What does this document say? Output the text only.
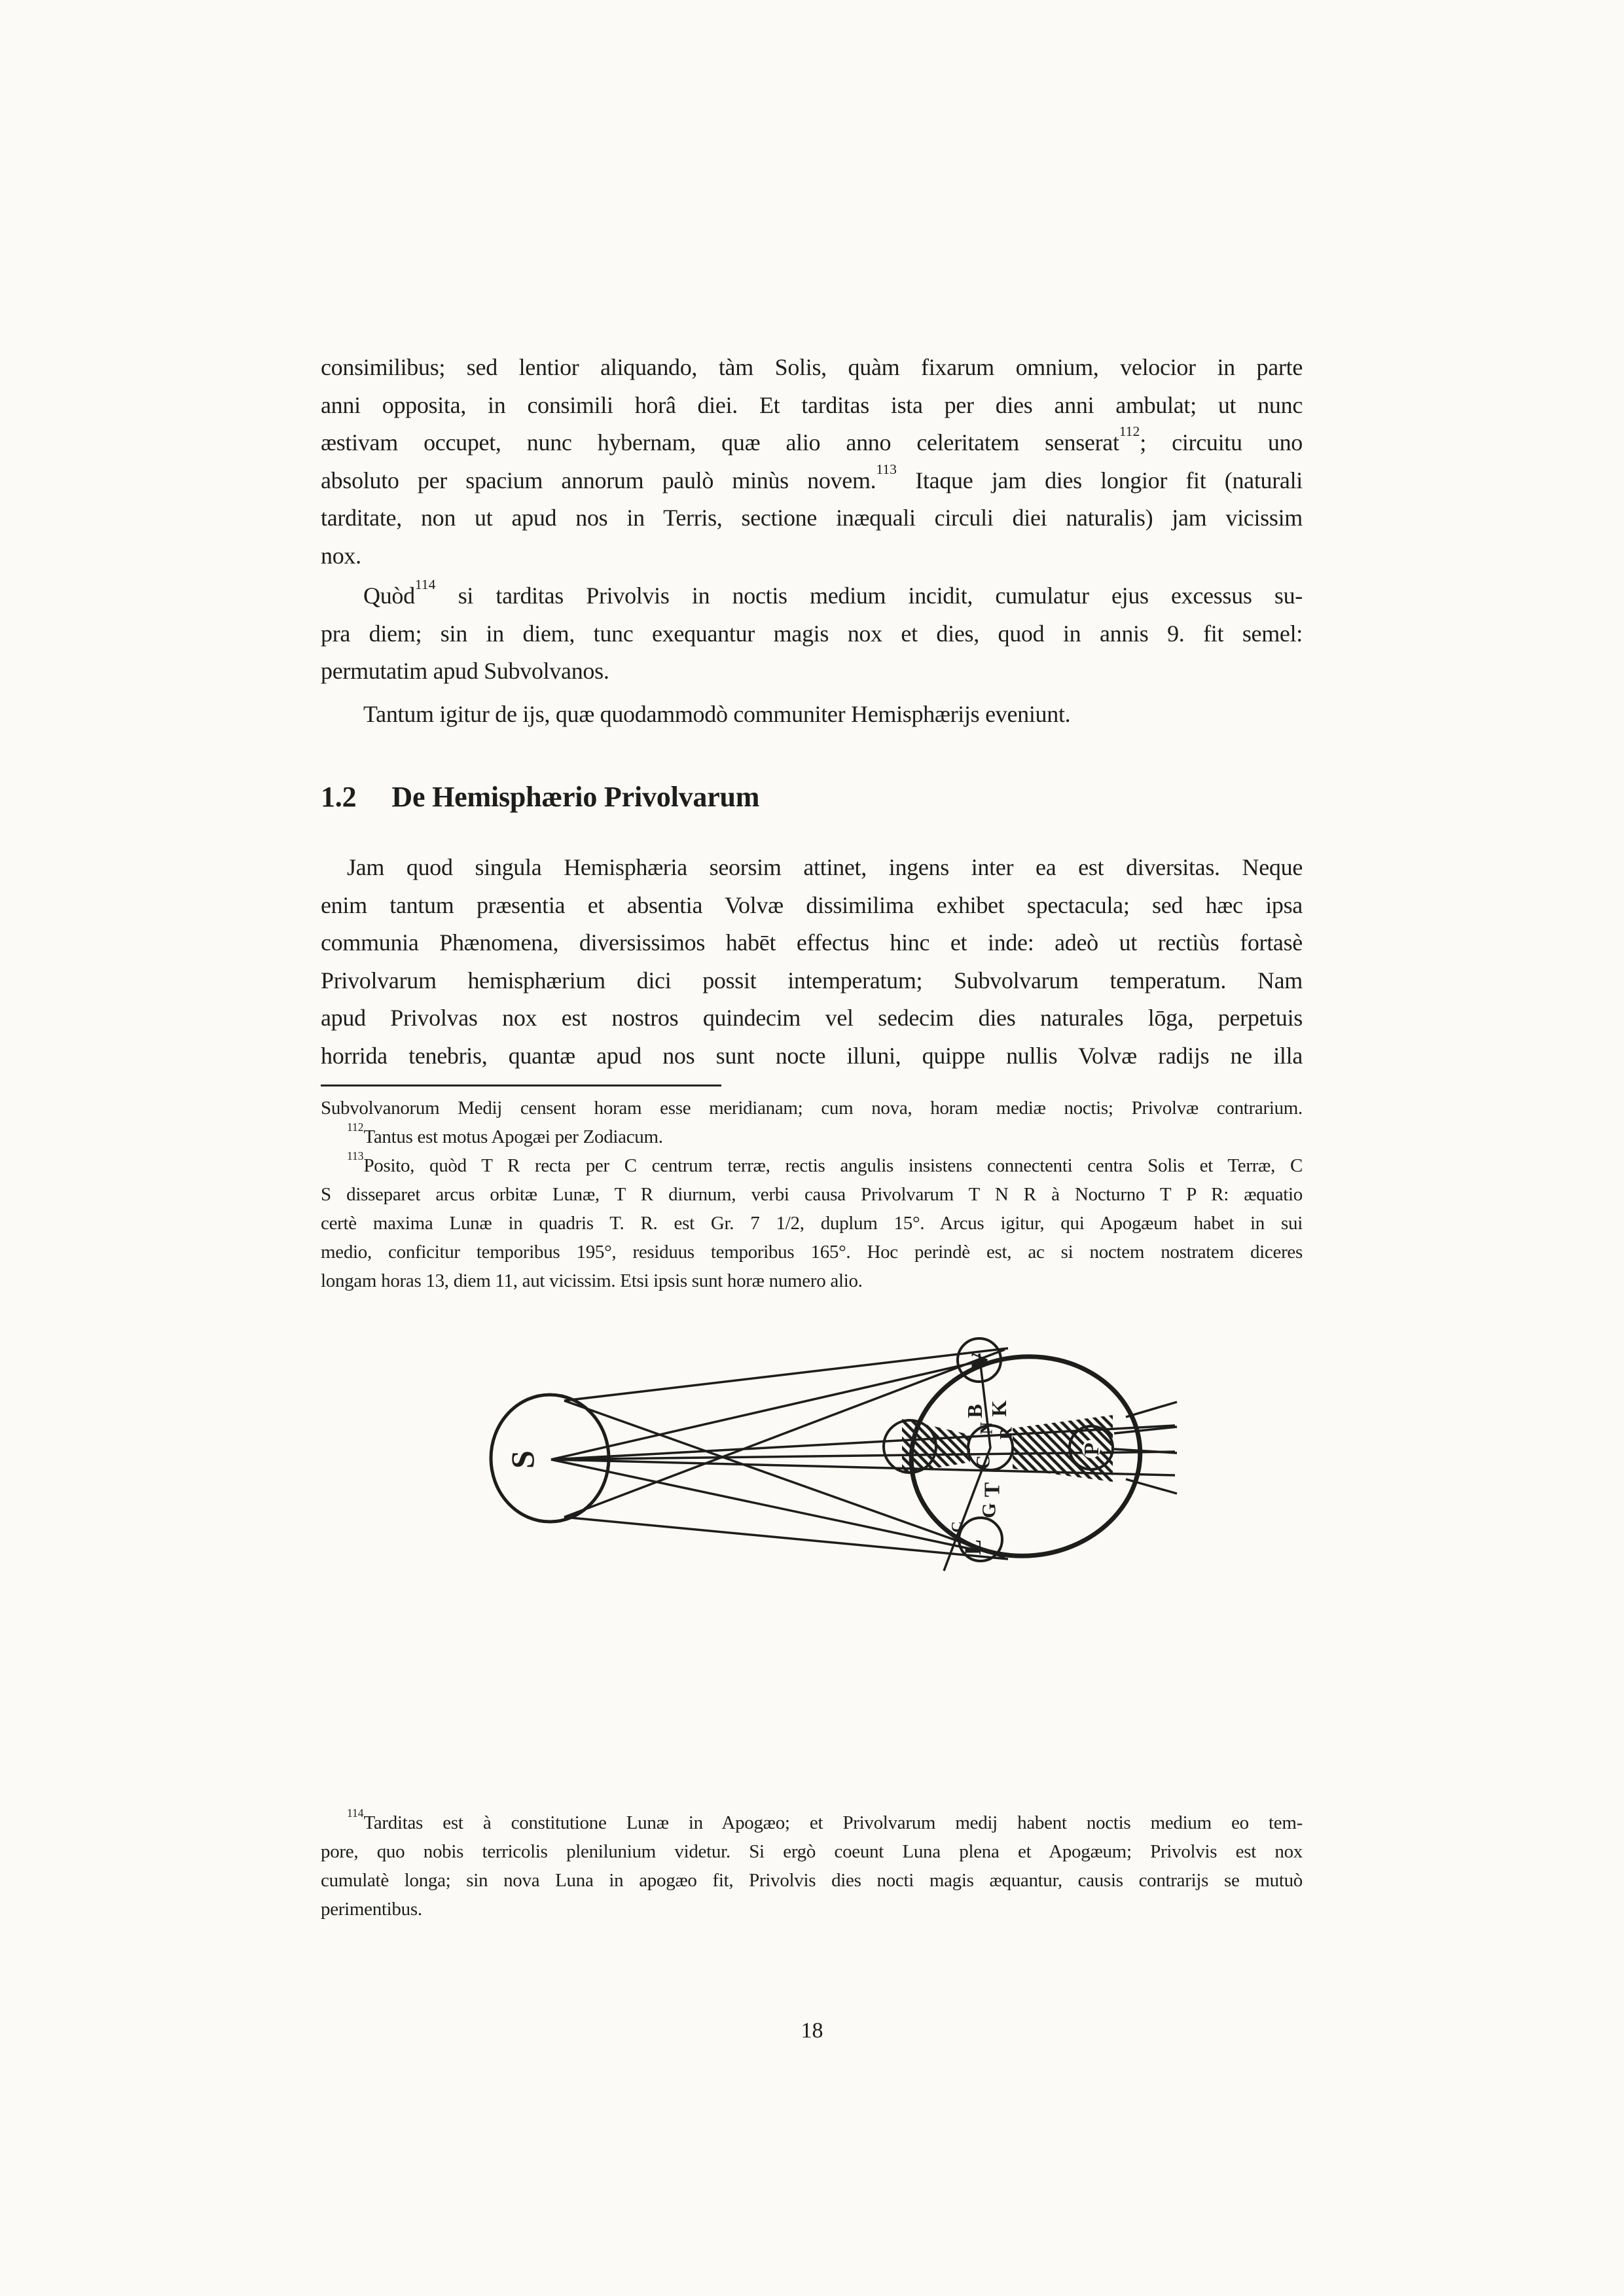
consimilibus; sed lentior aliquando, tàm Solis, quàm fixarum omnium, velocior in parte
anni opposita, in consimili horâ diei. Et tarditas ista per dies anni ambulat; ut nunc
æstivam occupet, nunc hybernam, quæ alio anno celeritatem senserat$^{112}$; circuitu uno
absoluto per spacium annorum paulò minùs novem.$^{113}$ Itaque jam dies longior fit (naturali
tarditate, non ut apud nos in Terris, sectione inæquali circuli diei naturalis) jam vicissim
nox.
Quòd$^{114}$ si tarditas Privolvis in noctis medium incidit, cumulatur ejus excessus su-
pra diem; sin in diem, tunc exequantur magis nox et dies, quod in annis 9. fit semel:
permutatim apud Subvolvanos.
Tantum igitur de ijs, quæ quodammodò communiter Hemisphærijs eveniunt.
Jam quod singula Hemisphæria seorsim attinet, ingens inter ea est diversitas. Neque
enim tantum præsentia et absentia Volvæ dissimilima exhibet spectacula; sed hæc ipsa
communia Phænomena, diversissimos habēt effectus hinc et inde: adeò ut rectiùs fortasè
Privolvarum hemisphærium dici possit intemperatum; Subvolvarum temperatum. Nam
apud Privolvas nox est nostros quindecim vel sedecim dies naturales lōga, perpetuis
horrida tenebris, quantæ apud nos sunt nocte illuni, quippe nullis Volvæ radijs ne illa
Subvolvanorum Medij censent horam esse meridianam; cum nova, horam mediæ noctis; Privolvæ contrarium.
$^{112}$Tantus est motus Apogæi per Zodiacum.
$^{113}$Posito, quòd T R recta per C centrum terræ, rectis angulis insistens connectenti centra Solis et Terræ, C
S disseparet arcus orbitæ Lunæ, T R diurnum, verbi causa Privolvarum T N R à Nocturno T P R: æquatio
certè maxima Lunæ in quadris T. R. est Gr. 7 1/2, duplum 15°. Arcus igitur, qui Apogæum habet in sui
medio, conficitur temporibus 195°, residuus temporibus 165°. Hoc perindè est, ac si noctem nostratem diceres
longam horas 13, diem 11, aut vicissim. Etsi ipsis sunt horæ numero alio.
$^{114}$Tarditas est à constitutione Lunæ in Apogæo; et Privolvarum medij habent noctis medium eo tem-
pore, quo nobis terricolis plenilunium videtur. Si ergò coeunt Luna plena et Apogæum; Privolvis est nox
cumulatè longa; sin nova Luna in apogæo fit, Privolvis dies nocti magis æquantur, causis contrarijs se mutuò
perimentibus.
1.2 De Hemisphærio Privolvarum
S
V
B K
N R
C
T
G
C
L
P
18
